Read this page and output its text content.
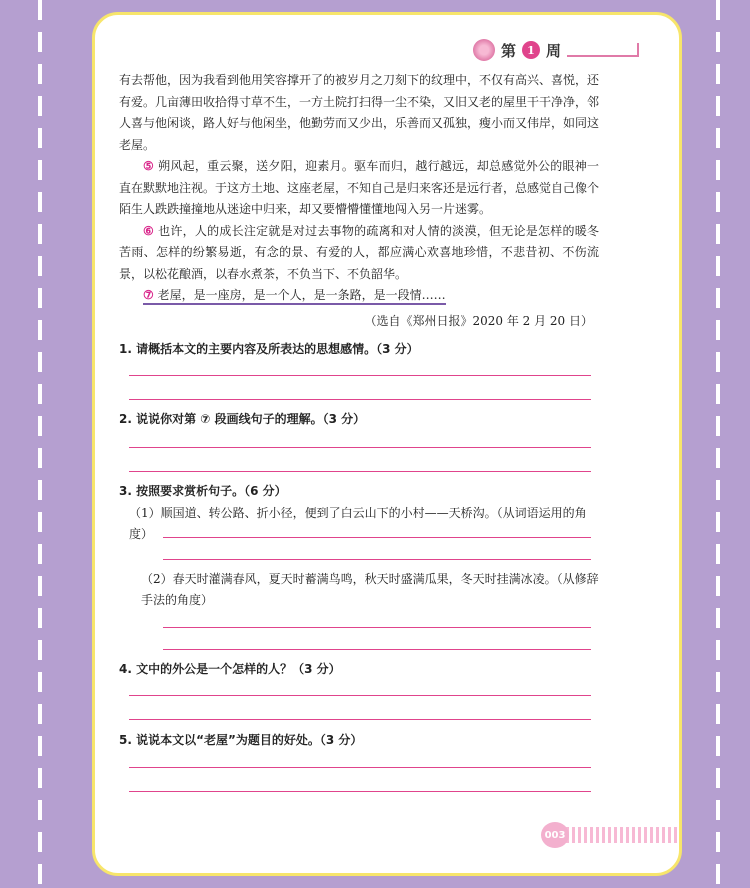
第	1 周

有去帮他，因为我看到他用笑容撑开了的被岁月之刀刻下的纹理中，不仅有高兴、喜悦，还有爱。几亩薄田收拾得寸草不生，一方土院打扫得一尘不染，又旧又老的屋里干干净净，邻人喜与他闲谈，路人好与他闲坐，他勤劳而又少出，乐善而又孤独，瘦小而又伟岸，如同这老屋。

⑤ 朔风起，重云聚，送夕阳，迎素月。驱车而归，越行越远，却总感觉外公的眼神一直在默默地注视。于这方土地、这座老屋，不知自己是归来客还是远行者，总感觉自己像个陌生人跌跌撞撞地从迷途中归来，却又要懵懵懂懂地闯入另一片迷雾。

⑥ 也许，人的成长注定就是对过去事物的疏离和对人情的淡漠，但无论是怎样的暖冬苦雨、怎样的纷繁易逝，有念的景、有爱的人，都应满心欢喜地珍惜，不悲昔初、不伤流景，以松花酿酒，以春水煮茶，不负当下、不负韶华。

⑦ 老屋，是一座房，是一个人，是一条路，是一段情……

（选自《郑州日报》2020 年 2 月 20 日）
1. 请概括本文的主要内容及所表达的思想感情。（3 分）
2. 说说你对第 ⑦ 段画线句子的理解。（3 分）
3. 按照要求赏析句子。（6 分）
（1）顺国道、转公路、折小径，便到了白云山下的小村——天桥沟。（从词语运用的角度）
（2）春天时灌满春风，夏天时蓄满鸟鸣，秋天时盛满瓜果，冬天时挂满冰凌。（从修辞手法的角度）
4. 文中的外公是一个怎样的人？（3 分）
5. 说说本文以“老屋”为题目的好处。（3 分）
003
